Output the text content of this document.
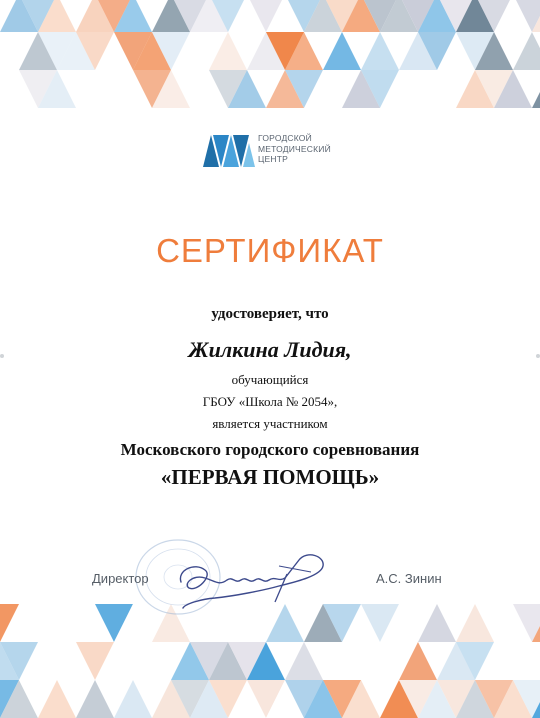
ГОРОДСКОЙ
МЕТОДИЧЕСКИЙ
ЦЕНТР
СЕРТИФИКАТ
удостоверяет, что
Жилкина Лидия,
обучающийся
ГБОУ «Школа № 2054»,
является участником
Московского городского соревнования
«ПЕРВАЯ ПОМОЩЬ»
Директор	А.С. Зинин
